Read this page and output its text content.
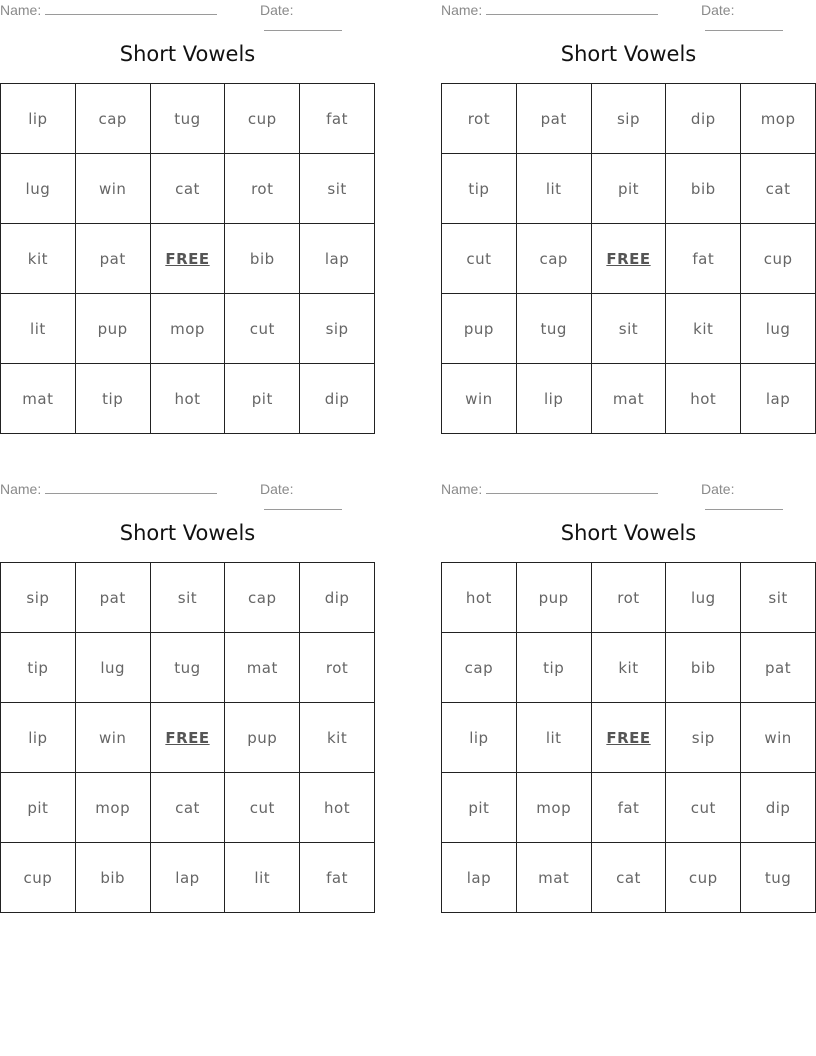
Name:	Date:
Short Vowels
lip	cap	tug	cup	fat
lug	win	cat	rot	sit
kit	pat	FREE	bib	lap
lit	pup	mop	cut	sip
mat	tip	hot	pit	dip
Name:	Date:
Short Vowels
rot	pat	sip	dip	mop
tip	lit	pit	bib	cat
cut	cap	FREE	fat	cup
pup	tug	sit	kit	lug
win	lip	mat	hot	lap
Name:	Date:
Short Vowels
sip	pat	sit	cap	dip
tip	lug	tug	mat	rot
lip	win	FREE	pup	kit
pit	mop	cat	cut	hot
cup	bib	lap	lit	fat
Name:	Date:
Short Vowels
hot	pup	rot	lug	sit
cap	tip	kit	bib	pat
lip	lit	FREE	sip	win
pit	mop	fat	cut	dip
lap	mat	cat	cup	tug
